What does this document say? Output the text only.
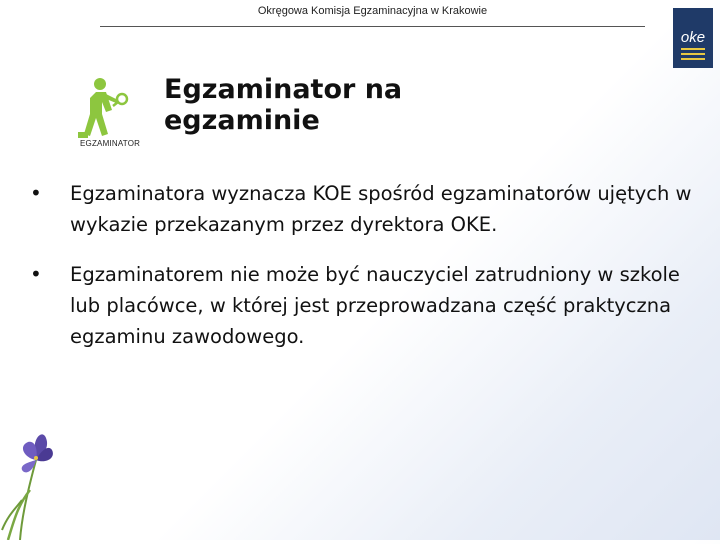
Okręgowa Komisja Egzaminacyjna w Krakowie
oke
EGZAMINATOR
Egzaminator na egzaminie
• Egzaminatora wyznacza KOE spośród egzaminatorów ujętych w wykazie przekazanym przez dyrektora OKE.
• Egzaminatorem nie może być nauczyciel zatrudniony w szkole lub placówce, w której jest przeprowadzana część praktyczna egzaminu zawodowego.
